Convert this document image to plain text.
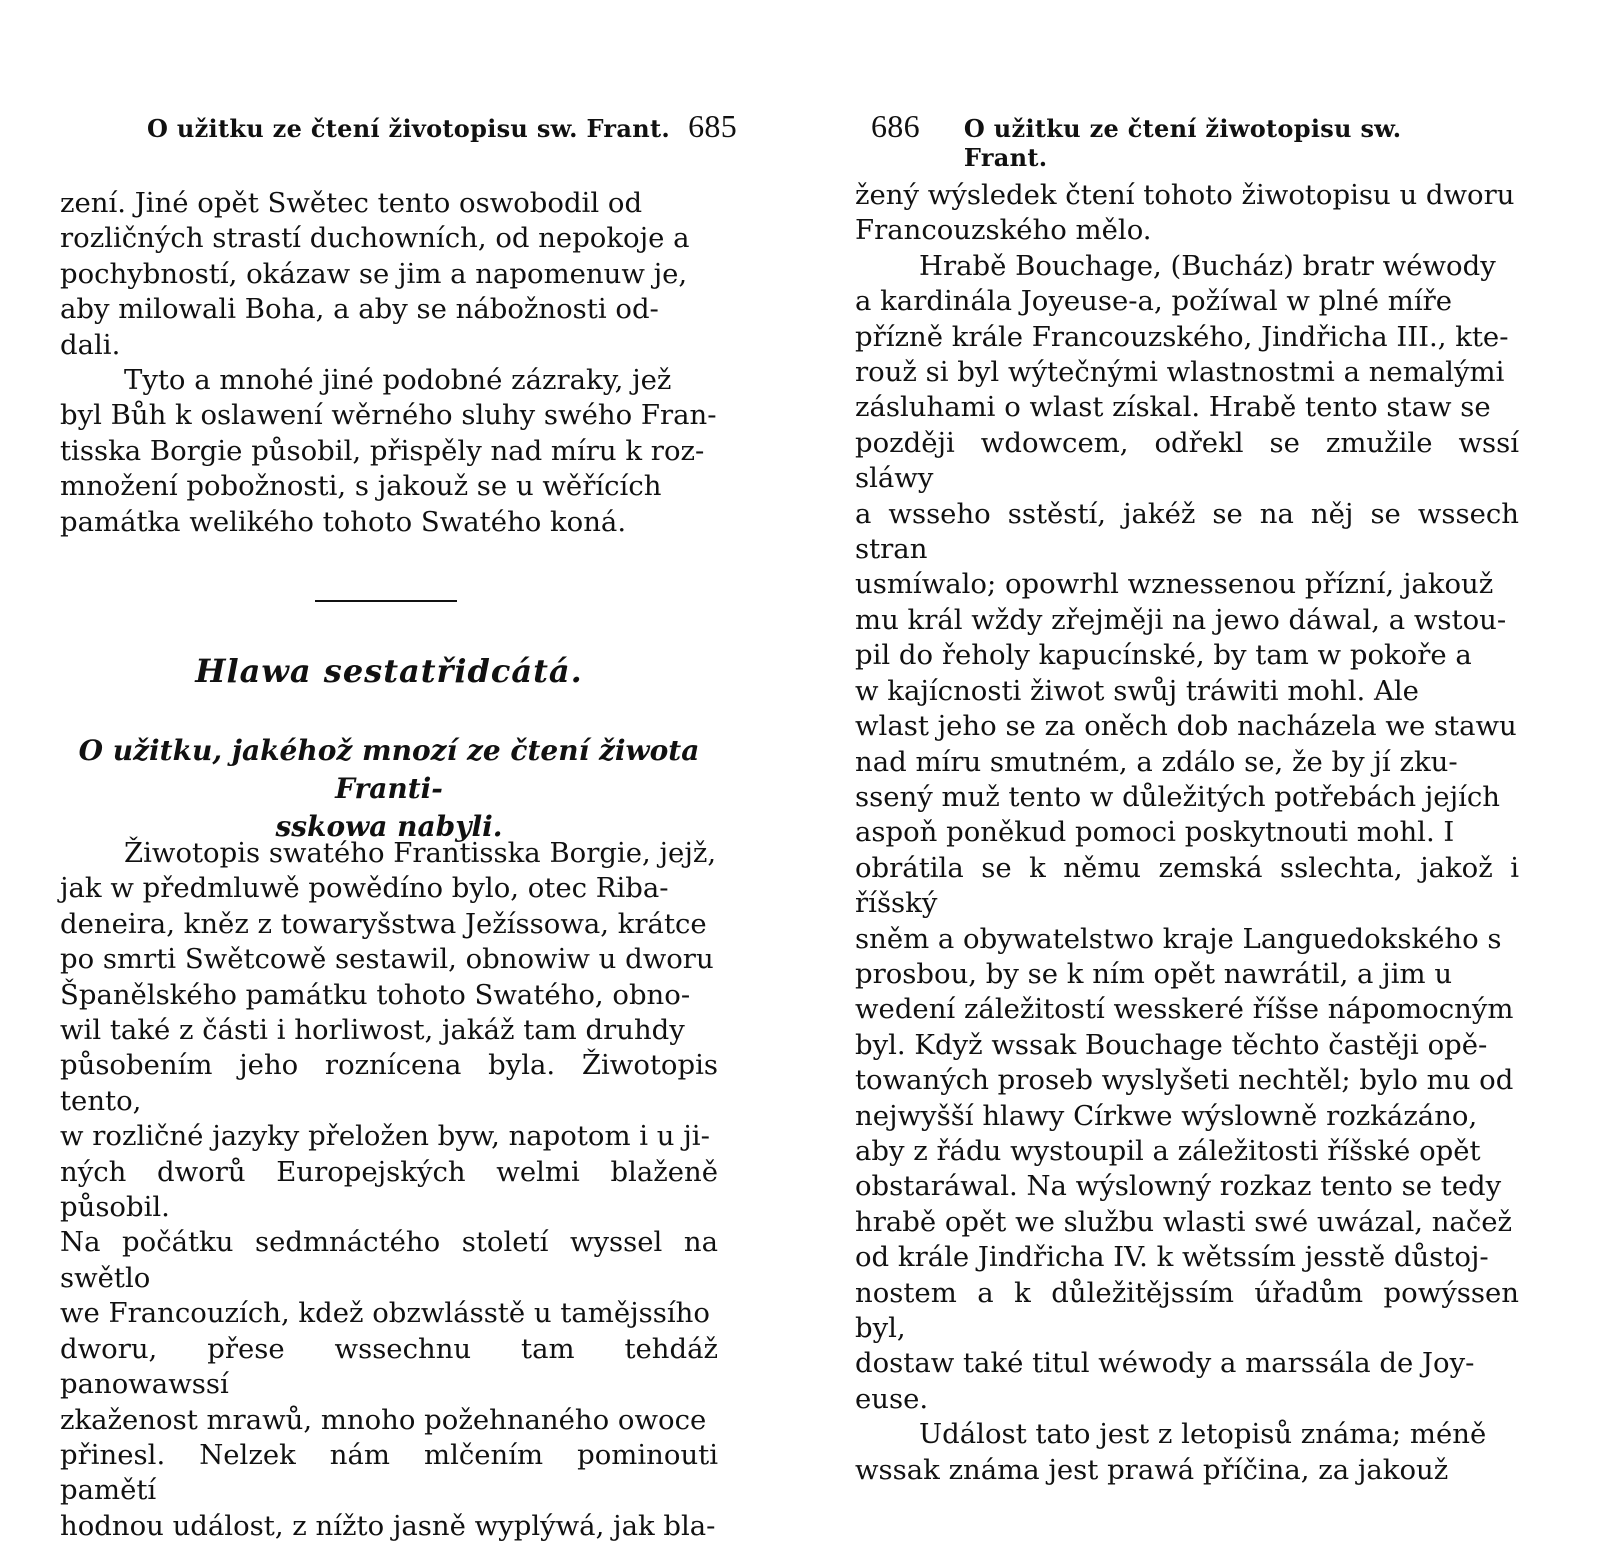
O užitku ze čtení životopisu sw. Frant. 685

zení. Jiné opět Swětec tento oswobodil od
rozličných strastí duchowních, od nepokoje a
pochybností, okázaw se jim a napomenuw je,
aby milowali Boha, a aby se nábožnosti od-
dali.

Tyto a mnohé jiné podobné zázraky, jež
byl Bůh k oslawení wěrného sluhy swého Fran-
tisska Borgie působil, přispěly nad míru k roz-
množení pobožnosti, s jakouž se u wěřících
památka welikého tohoto Swatého koná.

Hlawa sestatřidcátá.
O užitku, jakéhož mnozí ze čtení žiwota Franti-
sskowa nabyli.

Žiwotopis swatého Frantisska Borgie, jejž,
jak w předmluwě powědíno bylo, otec Riba-
deneira, kněz z towaryšstwa Ježíssowa, krátce
po smrti Swětcowě sestawil, obnowiw u dworu
Španělského památku tohoto Swatého, obno-
wil také z části i horliwost, jakáž tam druhdy
působením jeho roznícena byla. Žiwotopis tento,
w rozličné jazyky přeložen byw, napotom i u ji-
ných dworů Europejských welmi blaženě působil.
Na počátku sedmnáctého století wyssel na swětlo
we Francouzích, kdež obzwlásstě u tamějssího
dworu, přese wssechnu tam tehdáž panowawssí
zkaženost mrawů, mnoho požehnaného owoce
přinesl. Nelzek nám mlčením pominouti pamětí
hodnou událost, z nížto jasně wyplýwá, jak bla-

686 O užitku ze čtení žiwotopisu sw. Frant.

žený wýsledek čtení tohoto žiwotopisu u dworu
Francouzského mělo.

Hrabě Bouchage, (Bucház) bratr wéwody
a kardinála Joyeuse-a, požíwal w plné míře
přízně krále Francouzského, Jindřicha III., kte-
rouž si byl wýtečnými wlastnostmi a nemalými
zásluhami o wlast získal. Hrabě tento staw se
později wdowcem, odřekl se zmužile wssí sláwy
a wsseho sstěstí, jakéž se na něj se wssech stran
usmíwalo; opowrhl wznessenou přízní, jakouž
mu král wždy zřejměji na jewo dáwal, a wstou-
pil do řeholy kapucínské, by tam w pokoře a
w kajícnosti žiwot swůj tráwiti mohl. Ale
wlast jeho se za oněch dob nacházela we stawu
nad míru smutném, a zdálo se, že by jí zku-
ssený muž tento w důležitých potřebách jejích
aspoň poněkud pomoci poskytnouti mohl. I
obrátila se k němu zemská sslechta, jakož i říšský
sněm a obywatelstwo kraje Languedokského s
prosbou, by se k ním opět nawrátil, a jim u
wedení záležitostí wesskeré říšse nápomocným
byl. Když wssak Bouchage těchto častěji opě-
towaných proseb wyslyšeti nechtěl; bylo mu od
nejwyšší hlawy Církwe wýslowně rozkázáno,
aby z řádu wystoupil a záležitosti říšské opět
obstaráwal. Na wýslowný rozkaz tento se tedy
hrabě opět we službu wlasti swé uwázal, načež
od krále Jindřicha IV. k wětssím jesstě důstoj-
nostem a k důležitějssím úřadům powýssen byl,
dostaw také titul wéwody a marssála de Joy-
euse.

Událost tato jest z letopisů známa; méně
wssak známa jest prawá příčina, za jakouž
